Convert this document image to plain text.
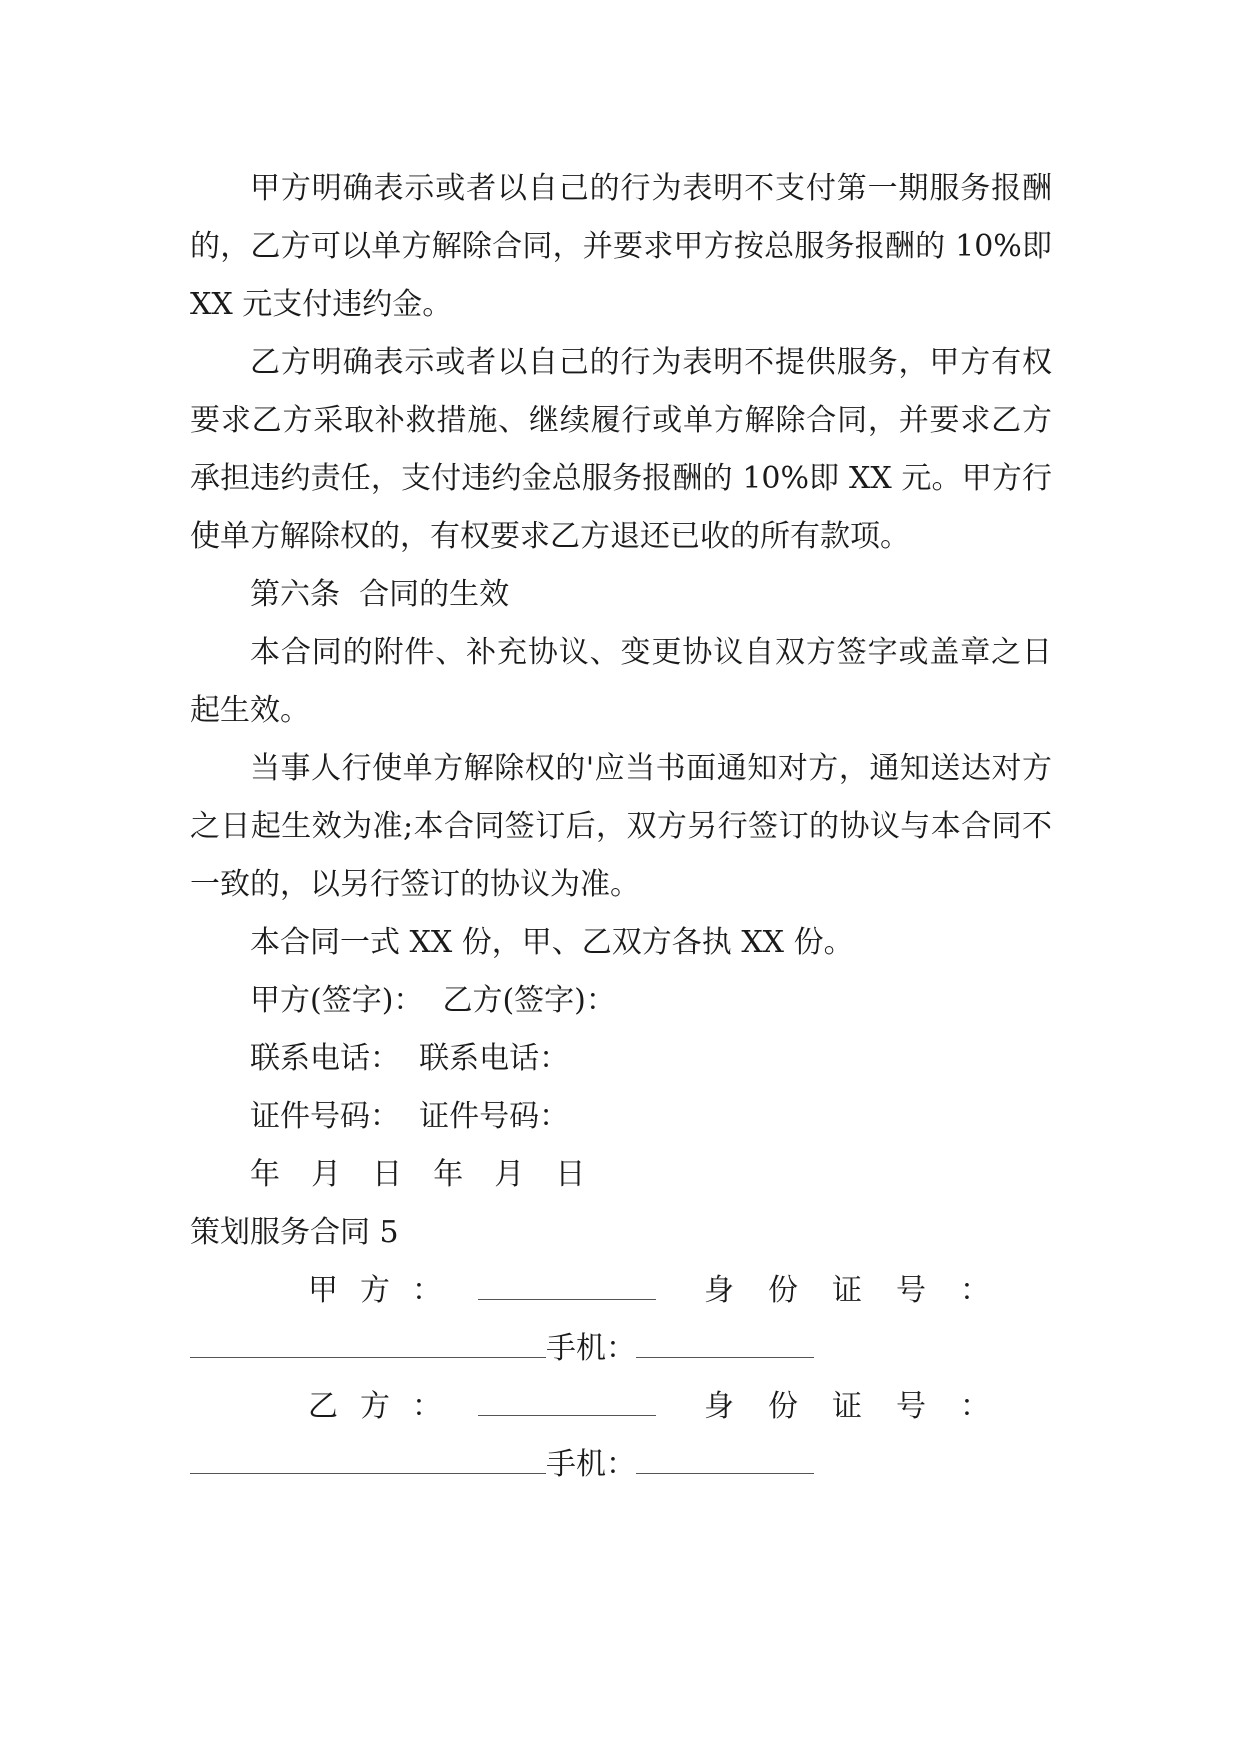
甲方明确表示或者以自己的行为表明不支付第一期服务报酬的，乙方可以单方解除合同，并要求甲方按总服务报酬的 10%即 XX 元支付违约金。

乙方明确表示或者以自己的行为表明不提供服务，甲方有权要求乙方采取补救措施、继续履行或单方解除合同，并要求乙方承担违约责任，支付违约金总服务报酬的 10%即 XX 元。甲方行使单方解除权的，有权要求乙方退还已收的所有款项。

第六条  合同的生效

本合同的附件、补充协议、变更协议自双方签字或盖章之日起生效。

当事人行使单方解除权的'应当书面通知对方，通知送达对方之日起生效为准;本合同签订后，双方另行签订的协议与本合同不一致的，以另行签订的协议为准。

本合同一式 XX 份，甲、乙双方各执 XX 份。

甲方(签字)：  乙方(签字)：

联系电话：  联系电话：

证件号码：  证件号码：

年  月  日  年  月  日

策划服务合同 5

甲方：	身份证号：
手机：
乙方：	身份证号：
手机：
